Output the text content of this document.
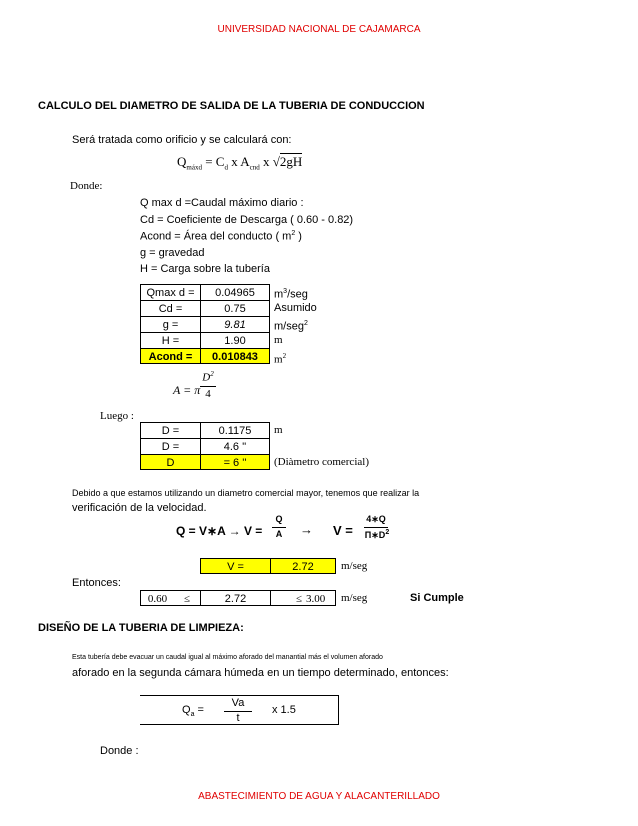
UNIVERSIDAD NACIONAL DE CAJAMARCA
CALCULO DEL DIAMETRO DE SALIDA DE LA TUBERIA DE CONDUCCION
Será tratada como orificio y se calculará con:
$Q_{máxd} = C_d$ x $A_{cnd}$ x √2gH
Donde:
Q max d =Caudal máximo diario :
Cd = Coeficiente de Descarga ( 0.60 - 0.82)
Acond = Área del conducto ( $m^2$ )
g = gravedad
H = Carga sobre la tubería
Qmax d =	0.04965	$m^3$/seg
Cd =	0.75	Asumido
g =	9.81	m/seg$^2$
H =	1.90	m
Acond =	0.010843	$m^2$
A = π
$D^2$
4
Luego :
D =	0.1175	m
D =	4.6 ''
D	= 6 ''	(Diàmetro comercial)
Debido a que estamos utilizando un diametro comercial mayor, tenemos que realizar la
verificación de la velocidad.
Q = V∗A → V =
Q
A → V =
4∗Q
$\Pi∗D^2$
V =	2.72	m/seg
Entonces:
0.60	≤	2.72	≤ 3.00	m/seg	Si Cumple
DISEÑO DE LA TUBERIA DE LIMPIEZA:
Esta tubería debe evacuar un caudal igual al máximo aforado del manantial más el volumen aforado
aforado en la segunda cámara húmeda en un tiempo determinado, entonces:
$Q_a$ =
Va
t
x 1.5
Donde :
ABASTECIMIENTO DE AGUA Y ALACANTERILLADO
